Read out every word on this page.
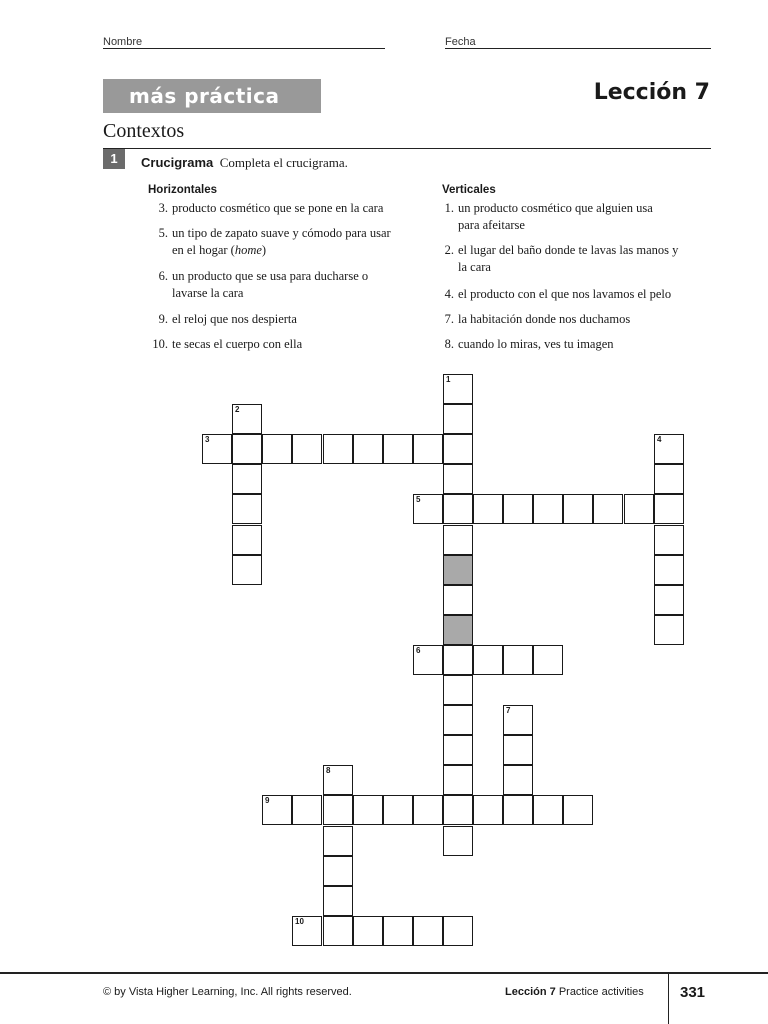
Nombre	Fecha
más práctica	Lección 7
Contextos
1	Crucigrama Completa el crucigrama.
Horizontales	Verticales
3. producto cosmético que se pone en la cara
5. un tipo de zapato suave y cómodo para usar
en el hogar (home)
6. un producto que se usa para ducharse o
lavarse la cara
9. el reloj que nos despierta
10. te secas el cuerpo con ella
1. un producto cosmético que alguien usa
para afeitarse
2. el lugar del baño donde te lavas las manos y
la cara
4. el producto con el que nos lavamos el pelo
7. la habitación donde nos duchamos
8. cuando lo miras, ves tu imagen
1
2
3	4
5
6
7
8
9
10
© by Vista Higher Learning, Inc. All rights reserved.	Lección 7 Practice activities 331
